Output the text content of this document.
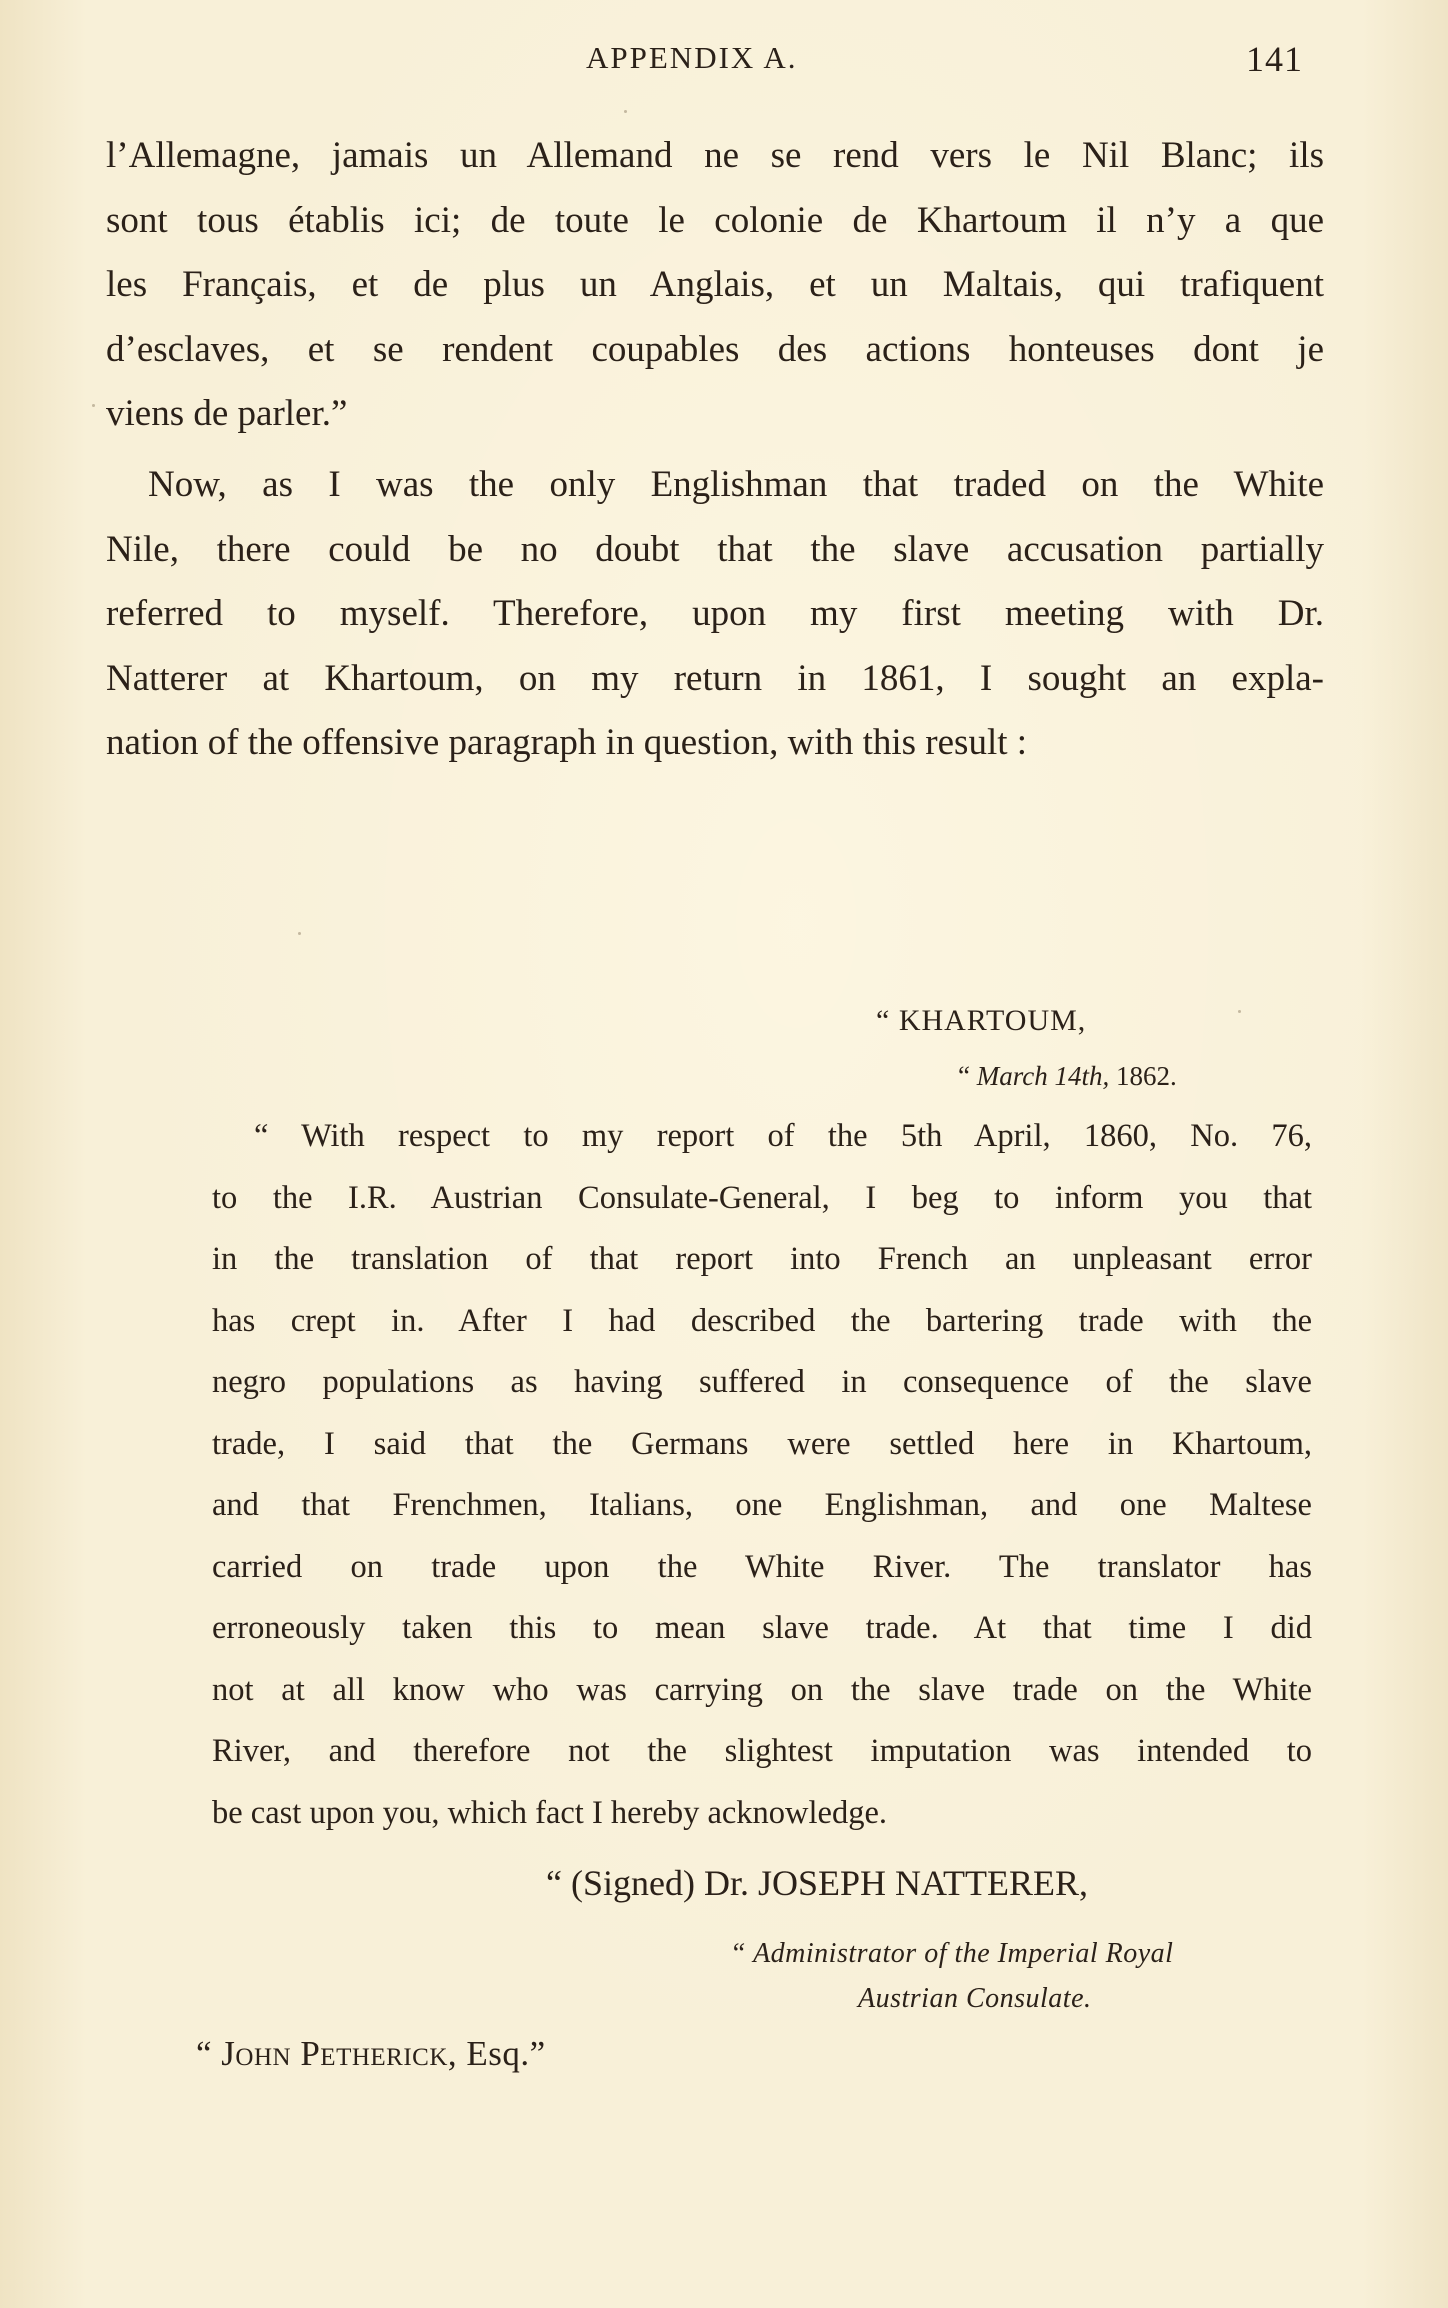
APPENDIX A.	141
l’Allemagne, jamais un Allemand ne se rend vers le Nil Blanc; ils
sont tous établis ici; de toute le colonie de Khartoum il n’y a que
les Français, et de plus un Anglais, et un Maltais, qui trafiquent
d’esclaves, et se rendent coupables des actions honteuses dont je
viens de parler.”
Now, as I was the only Englishman that traded on the White
Nile, there could be no doubt that the slave accusation partially
referred to myself. Therefore, upon my first meeting with Dr.
Natterer at Khartoum, on my return in 1861, I sought an expla-
nation of the offensive paragraph in question, with this result :
“ KHARTOUM,
“ March 14th, 1862.
“ With respect to my report of the 5th April, 1860, No. 76,
to the I.R. Austrian Consulate-General, I beg to inform you that
in the translation of that report into French an unpleasant error
has crept in. After I had described the bartering trade with the
negro populations as having suffered in consequence of the slave
trade, I said that the Germans were settled here in Khartoum,
and that Frenchmen, Italians, one Englishman, and one Maltese
carried on trade upon the White River. The translator has
erroneously taken this to mean slave trade. At that time I did
not at all know who was carrying on the slave trade on the White
River, and therefore not the slightest imputation was intended to
be cast upon you, which fact I hereby acknowledge.
“ (Signed) Dr. JOSEPH NATTERER,
“ Administrator of the Imperial Royal
Austrian Consulate.
“ John Petherick, Esq.”
